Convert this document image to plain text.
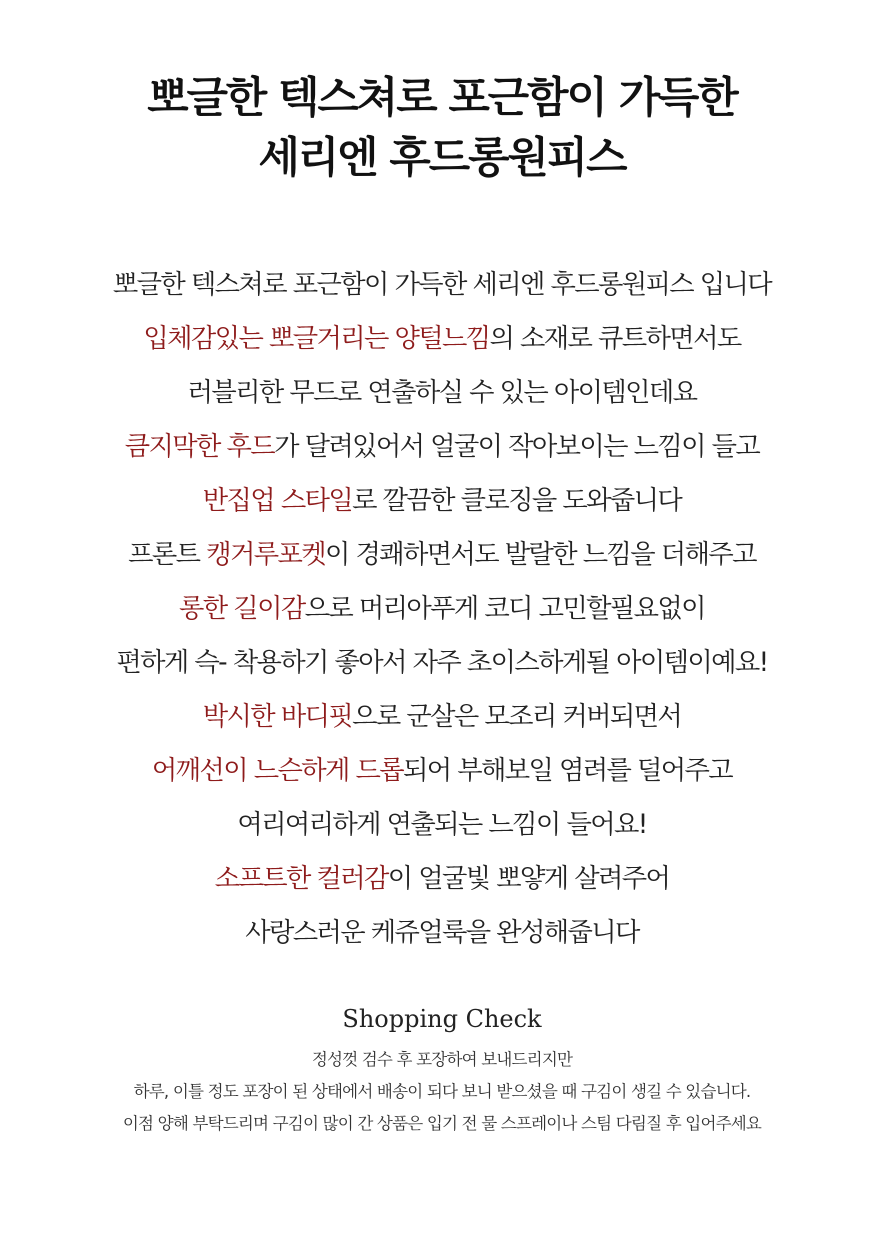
뽀글한 텍스쳐로 포근함이 가득한
세리엔 후드롱원피스
뽀글한 텍스쳐로 포근함이 가득한 세리엔 후드롱원피스 입니다
입체감있는 뽀글거리는 양털느낌의 소재로 큐트하면서도
러블리한 무드로 연출하실 수 있는 아이템인데요
큼지막한 후드가 달려있어서 얼굴이 작아보이는 느낌이 들고
반집업 스타일로 깔끔한 클로징을 도와줍니다
프론트 캥거루포켓이 경쾌하면서도 발랄한 느낌을 더해주고
롱한 길이감으로 머리아푸게 코디 고민할필요없이
편하게 슥- 착용하기 좋아서 자주 초이스하게될 아이템이예요!
박시한 바디핏으로 군살은 모조리 커버되면서
어깨선이 느슨하게 드롭되어 부해보일 염려를 덜어주고
여리여리하게 연출되는 느낌이 들어요!
소프트한 컬러감이 얼굴빛 뽀얗게 살려주어
사랑스러운 케쥬얼룩을 완성해줍니다
Shopping Check
정성껏 검수 후 포장하여 보내드리지만
하루, 이틀 정도 포장이 된 상태에서 배송이 되다 보니 받으셨을 때 구김이 생길 수 있습니다.
이점 양해 부탁드리며 구김이 많이 간 상품은 입기 전 물 스프레이나 스팀 다림질 후 입어주세요
